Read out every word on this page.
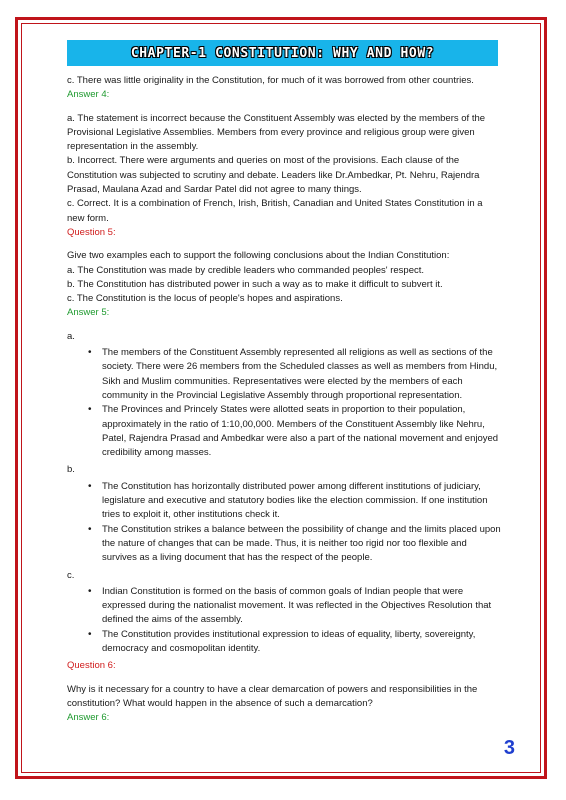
CHAPTER-1 CONSTITUTION: WHY AND HOW?

c. There was little originality in the Constitution, for much of it was borrowed from other countries.

Answer 4:

a. The statement is incorrect because the Constituent Assembly was elected by the members of the Provisional Legislative Assemblies. Members from every province and religious group were given representation in the assembly.

b. Incorrect. There were arguments and queries on most of the provisions. Each clause of the Constitution was subjected to scrutiny and debate. Leaders like Dr.Ambedkar, Pt. Nehru, Rajendra Prasad, Maulana Azad and Sardar Patel did not agree to many things.

c. Correct. It is a combination of French, Irish, British, Canadian and United States Constitution in a new form.

Question 5:

Give two examples each to support the following conclusions about the Indian Constitution:

a. The Constitution was made by credible leaders who commanded peoples' respect.

b. The Constitution has distributed power in such a way as to make it difficult to subvert it.

c. The Constitution is the locus of people's hopes and aspirations.

Answer 5:
a.
• The members of the Constituent Assembly represented all religions as well as sections of the society. There were 26 members from the Scheduled classes as well as members from Hindu, Sikh and Muslim communities. Representatives were elected by the members of each community in the Provincial Legislative Assembly through proportional representation.
• The Provinces and Princely States were allotted seats in proportion to their population, approximately in the ratio of 1:10,00,000. Members of the Constituent Assembly like Nehru, Patel, Rajendra Prasad and Ambedkar were also a part of the national movement and enjoyed credibility among masses.
b.
• The Constitution has horizontally distributed power among different institutions of judiciary, legislature and executive and statutory bodies like the election commission. If one institution tries to exploit it, other institutions check it.
• The Constitution strikes a balance between the possibility of change and the limits placed upon the nature of changes that can be made. Thus, it is neither too rigid nor too flexible and survives as a living document that has the respect of the people.
c.
• Indian Constitution is formed on the basis of common goals of Indian people that were expressed during the nationalist movement. It was reflected in the Objectives Resolution that defined the aims of the assembly.
• The Constitution provides institutional expression to ideas of equality, liberty, sovereignty, democracy and cosmopolitan identity.
Question 6:

Why is it necessary for a country to have a clear demarcation of powers and responsibilities in the constitution? What would happen in the absence of such a demarcation?

Answer 6:
3
